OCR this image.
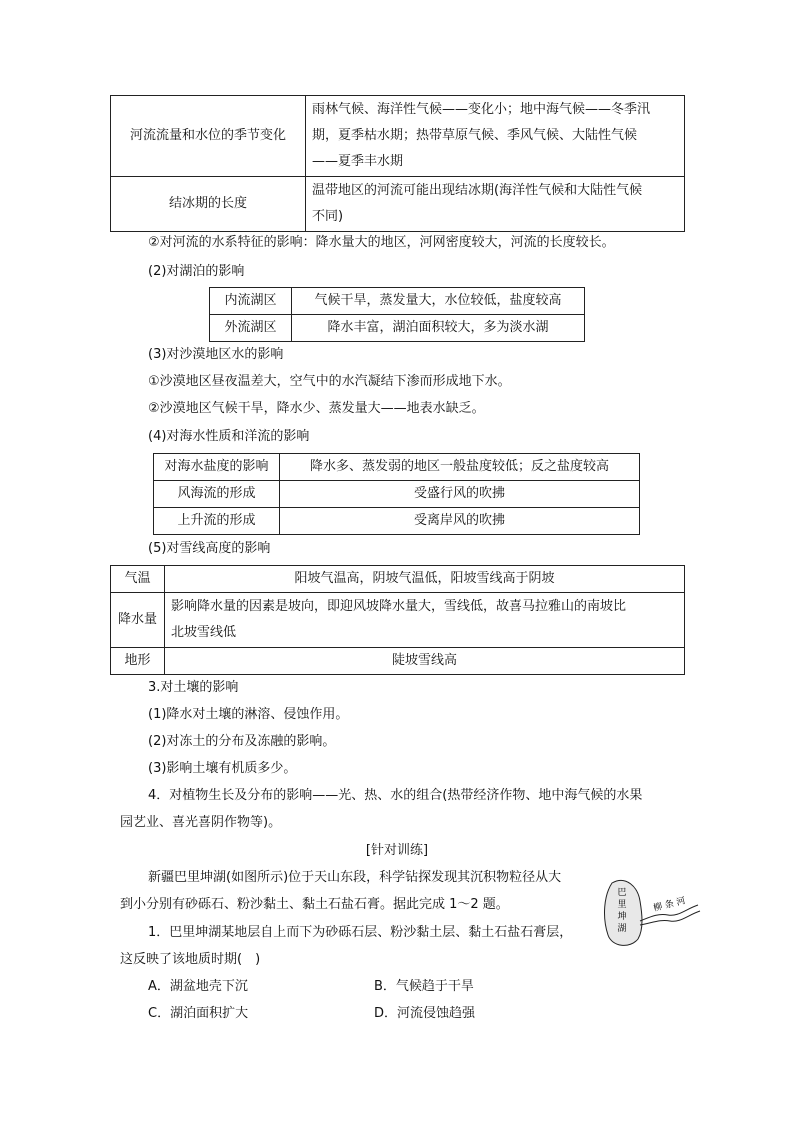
河流流量和水位的季节变化	雨林气候、海洋性气候——变化小；地中海气候——冬季汛
期，夏季枯水期；热带草原气候、季风气候、大陆性气候
——夏季丰水期

结冰期的长度	温带地区的河流可能出现结冰期(海洋性气候和大陆性气候
不同)
②对河流的水系特征的影响：降水量大的地区，河网密度较大，河流的长度较长。
(2)对湖泊的影响
内流湖区	气候干旱，蒸发量大，水位较低，盐度较高
外流湖区	降水丰富，湖泊面积较大，多为淡水湖
(3)对沙漠地区水的影响
①沙漠地区昼夜温差大，空气中的水汽凝结下渗而形成地下水。
②沙漠地区气候干旱，降水少、蒸发量大——地表水缺乏。
(4)对海水性质和洋流的影响
对海水盐度的影响	降水多、蒸发弱的地区一般盐度较低；反之盐度较高
风海流的形成	受盛行风的吹拂
上升流的形成	受离岸风的吹拂
(5)对雪线高度的影响
气温	阳坡气温高，阴坡气温低，阳坡雪线高于阴坡
降水量	影响降水量的因素是坡向，即迎风坡降水量大，雪线低，故喜马拉雅山的南坡比
北坡雪线低

地形	陡坡雪线高
3.对土壤的影响
(1)降水对土壤的淋溶、侵蚀作用。
(2)对冻土的分布及冻融的影响。
(3)影响土壤有机质多少。
4．对植物生长及分布的影响——光、热、水的组合(热带经济作物、地中海气候的水果
园艺业、喜光喜阴作物等)。
[针对训练]
新疆巴里坤湖(如图所示)位于天山东段，科学钻探发现其沉积物粒径从大
到小分别有砂砾石、粉沙黏土、黏土石盐石膏。据此完成 1～2 题。
1．巴里坤湖某地层自上而下为砂砾石层、粉沙黏土层、黏土石盐石膏层，
这反映了该地质时期(　)
A．湖盆地壳下沉	B．气候趋于干旱
C．湖泊面积扩大	D．河流侵蚀趋强
巴
里
坤
湖
柳 条 河
